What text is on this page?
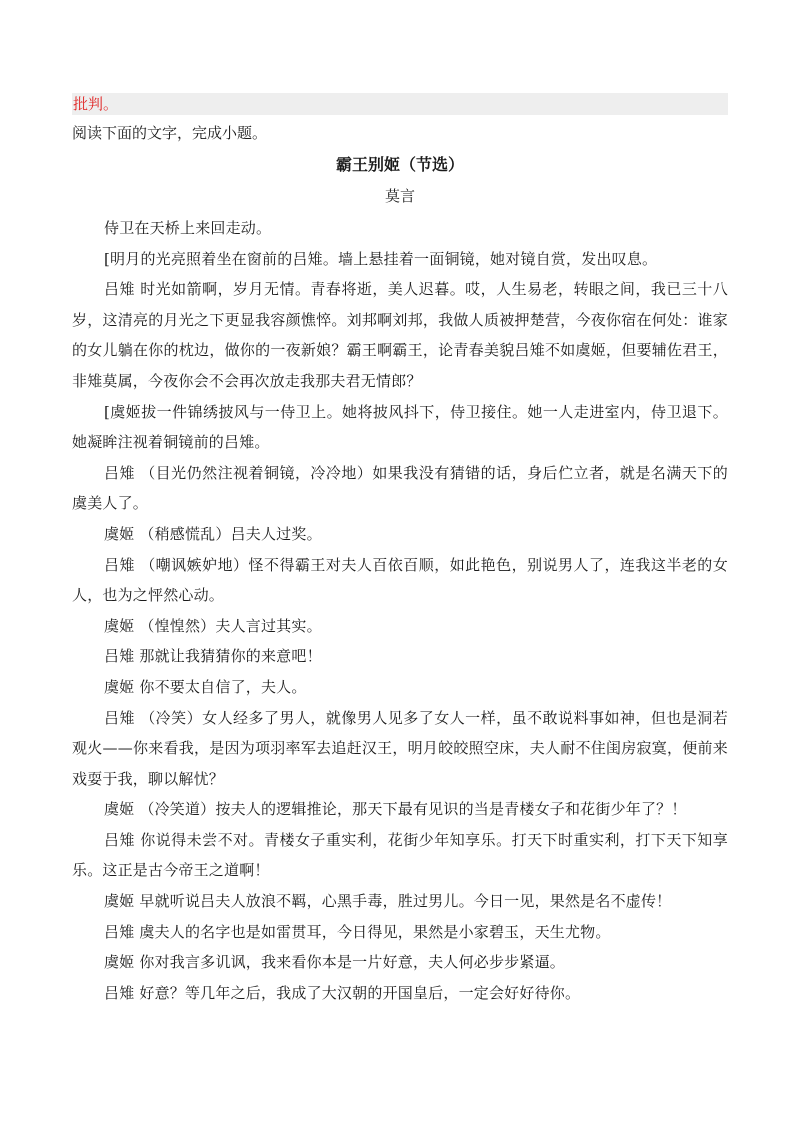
批判。
阅读下面的文字，完成小题。
霸王别姬（节选）
莫言

侍卫在天桥上来回走动。

[明月的光亮照着坐在窗前的吕雉。墙上悬挂着一面铜镜，她对镜自赏，发出叹息。

吕雉 时光如箭啊，岁月无情。青春将逝，美人迟暮。哎，人生易老，转眼之间，我已三十八岁，这清亮的月光之下更显我容颜憔悴。刘邦啊刘邦，我做人质被押楚营，今夜你宿在何处：谁家的女儿躺在你的枕边，做你的一夜新娘？霸王啊霸王，论青春美貌吕雉不如虞姬，但要辅佐君王，非雉莫属，今夜你会不会再次放走我那夫君无情郎？

[虞姬拔一件锦绣披风与一侍卫上。她将披风抖下，侍卫接住。她一人走进室内，侍卫退下。她凝眸注视着铜镜前的吕雉。

吕雉 （目光仍然注视着铜镜，冷冷地）如果我没有猜错的话，身后伫立者，就是名满天下的虞美人了。

虞姬 （稍感慌乱）吕夫人过奖。

吕雉 （嘲讽嫉妒地）怪不得霸王对夫人百依百顺，如此艳色，别说男人了，连我这半老的女人，也为之怦然心动。

虞姬 （惶惶然）夫人言过其实。

吕雉 那就让我猜猜你的来意吧！

虞姬 你不要太自信了，夫人。

吕雉 （冷笑）女人经多了男人，就像男人见多了女人一样，虽不敢说料事如神，但也是洞若观火——你来看我，是因为项羽率军去追赶汉王，明月皎皎照空床，夫人耐不住闺房寂寞，便前来戏耍于我，聊以解忧？

虞姬 （冷笑道）按夫人的逻辑推论，那天下最有见识的当是青楼女子和花街少年了？！

吕雉 你说得未尝不对。青楼女子重实利，花街少年知享乐。打天下时重实利，打下天下知享乐。这正是古今帝王之道啊！

虞姬 早就听说吕夫人放浪不羁，心黑手毒，胜过男儿。今日一见，果然是名不虚传！

吕雉 虞夫人的名字也是如雷贯耳，今日得见，果然是小家碧玉，天生尤物。

虞姬 你对我言多讥讽，我来看你本是一片好意，夫人何必步步紧逼。

吕雉 好意？等几年之后，我成了大汉朝的开国皇后，一定会好好待你。
